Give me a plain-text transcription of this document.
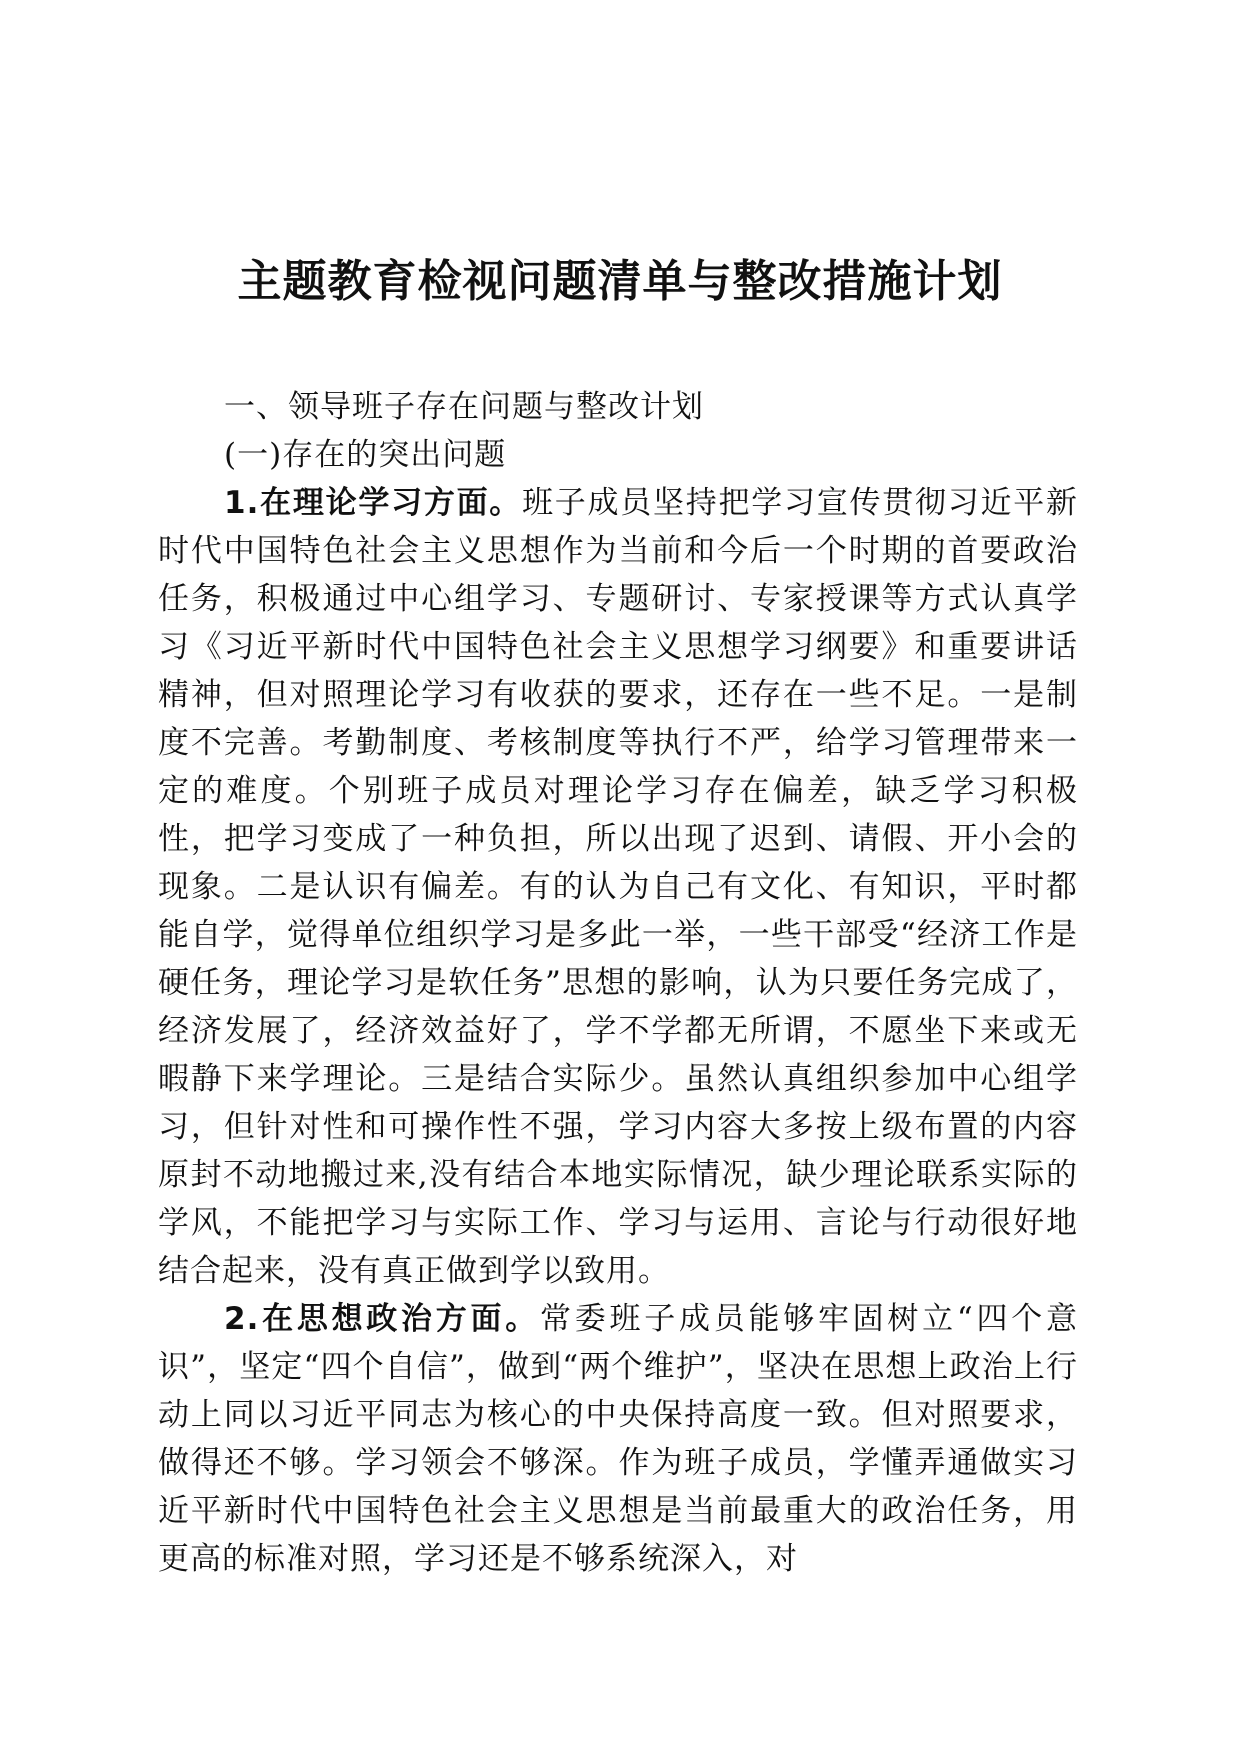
主题教育检视问题清单与整改措施计划
一、领导班子存在问题与整改计划
(一)存在的突出问题

1.在理论学习方面。班子成员坚持把学习宣传贯彻习近平新时代中国特色社会主义思想作为当前和今后一个时期的首要政治任务，积极通过中心组学习、专题研讨、专家授课等方式认真学习《习近平新时代中国特色社会主义思想学习纲要》和重要讲话精神，但对照理论学习有收获的要求，还存在一些不足。一是制度不完善。考勤制度、考核制度等执行不严，给学习管理带来一定的难度。个别班子成员对理论学习存在偏差，缺乏学习积极性，把学习变成了一种负担，所以出现了迟到、请假、开小会的现象。二是认识有偏差。有的认为自己有文化、有知识，平时都能自学，觉得单位组织学习是多此一举，一些干部受“经济工作是硬任务，理论学习是软任务”思想的影响，认为只要任务完成了，经济发展了，经济效益好了，学不学都无所谓，不愿坐下来或无暇静下来学理论。三是结合实际少。虽然认真组织参加中心组学习，但针对性和可操作性不强，学习内容大多按上级布置的内容原封不动地搬过来,没有结合本地实际情况，缺少理论联系实际的学风，不能把学习与实际工作、学习与运用、言论与行动很好地结合起来，没有真正做到学以致用。

2.在思想政治方面。常委班子成员能够牢固树立“四个意识”，坚定“四个自信”，做到“两个维护”，坚决在思想上政治上行动上同以习近平同志为核心的中央保持高度一致。但对照要求，做得还不够。学习领会不够深。作为班子成员，学懂弄通做实习近平新时代中国特色社会主义思想是当前最重大的政治任务，用更高的标准对照，学习还是不够系统深入，对
